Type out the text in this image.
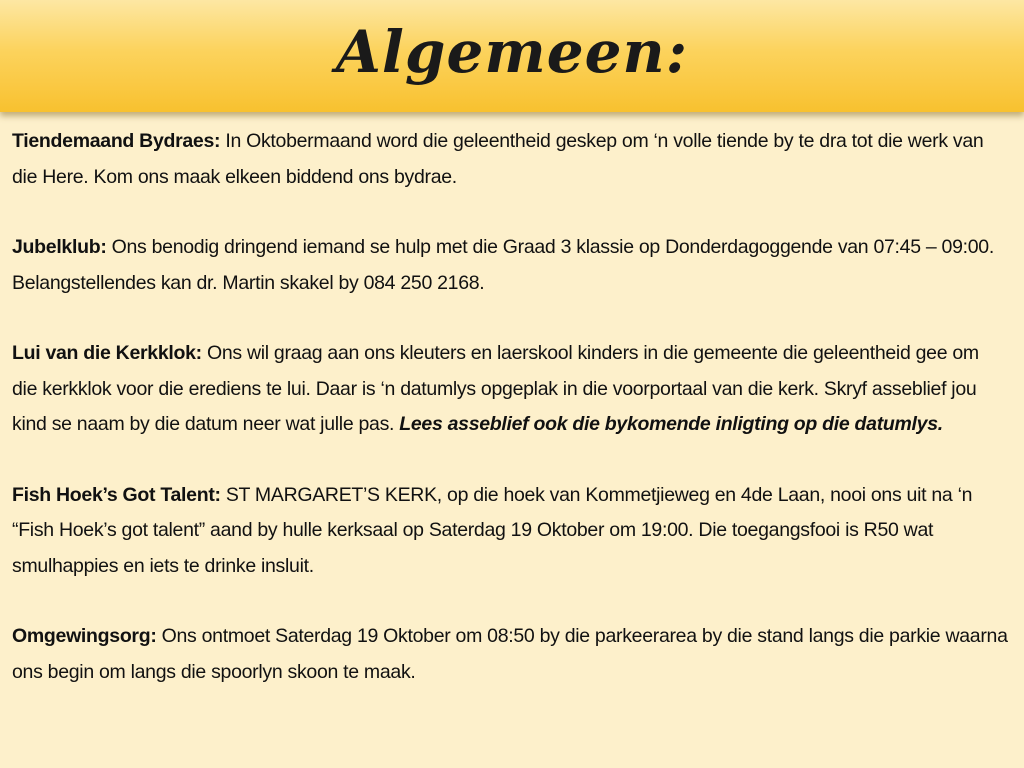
Algemeen:

Tiendemaand Bydraes: In Oktobermaand word die geleentheid geskep om ‘n volle tiende by te dra tot die werk van die Here. Kom ons maak elkeen biddend ons bydrae.

Jubelklub: Ons benodig dringend iemand se hulp met die Graad 3 klassie op Donderdagoggende van 07:45 – 09:00.
Belangstellendes kan dr. Martin skakel by 084 250 2168.

Lui van die Kerkklok: Ons wil graag aan ons kleuters en laerskool kinders in die gemeente die geleentheid gee om die kerkklok voor die erediens te lui. Daar is ‘n datumlys opgeplak in die voorportaal van die kerk. Skryf asseblief jou kind se naam by die datum neer wat julle pas. Lees asseblief ook die bykomende inligting op die datumlys.

Fish Hoek’s Got Talent: ST MARGARET’S KERK, op die hoek van Kommetjieweg en 4de Laan, nooi ons uit na ‘n “Fish Hoek’s got talent” aand by hulle kerksaal op Saterdag 19 Oktober om 19:00. Die toegangsfooi is R50 wat smulhappies en iets te drinke insluit.

Omgewingsorg: Ons ontmoet Saterdag 19 Oktober om 08:50 by die parkeerarea by die stand langs die parkie waarna ons begin om langs die spoorlyn skoon te maak.
